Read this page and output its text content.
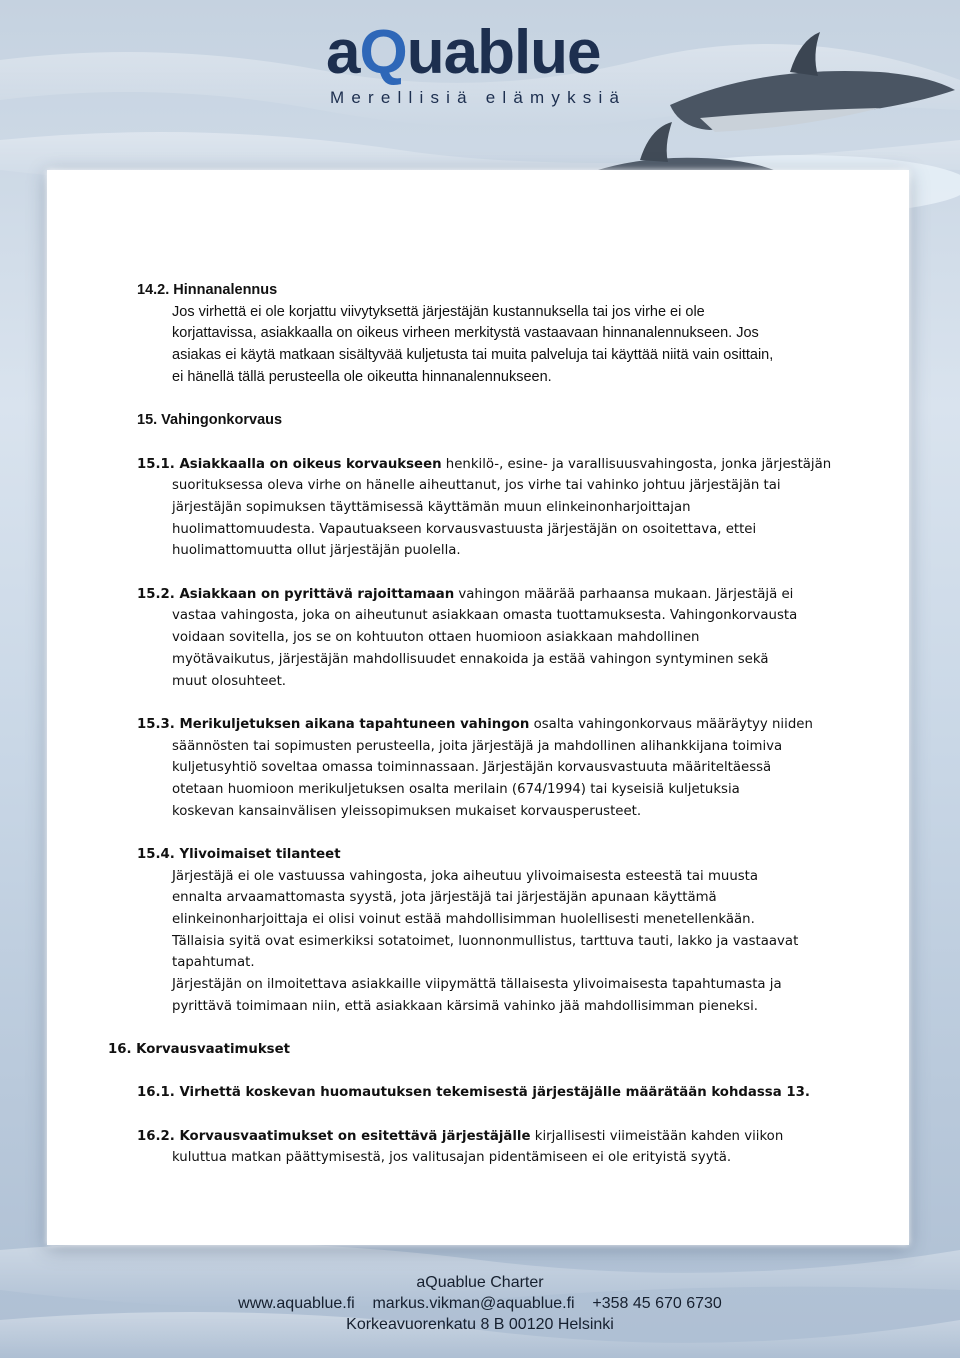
aQuablue
Merellisiä elämyksiä
14.2. Hinnanalennus
Jos virhettä ei ole korjattu viivytyksettä järjestäjän kustannuksella tai jos virhe ei ole
korjattavissa, asiakkaalla on oikeus virheen merkitystä vastaavaan hinnanalennukseen. Jos
asiakas ei käytä matkaan sisältyvää kuljetusta tai muita palveluja tai käyttää niitä vain osittain,
ei hänellä tällä perusteella ole oikeutta hinnanalennukseen.
15. Vahingonkorvaus
15.1. Asiakkaalla on oikeus korvaukseen henkilö-, esine- ja varallisuusvahingosta, jonka järjestäjän
suorituksessa oleva virhe on hänelle aiheuttanut, jos virhe tai vahinko johtuu järjestäjän tai
järjestäjän sopimuksen täyttämisessä käyttämän muun elinkeinonharjoittajan
huolimattomuudesta. Vapautuakseen korvausvastuusta järjestäjän on osoitettava, ettei
huolimattomuutta ollut järjestäjän puolella.
15.2. Asiakkaan on pyrittävä rajoittamaan vahingon määrää parhaansa mukaan. Järjestäjä ei
vastaa vahingosta, joka on aiheutunut asiakkaan omasta tuottamuksesta. Vahingonkorvausta
voidaan sovitella, jos se on kohtuuton ottaen huomioon asiakkaan mahdollinen
myötävaikutus, järjestäjän mahdollisuudet ennakoida ja estää vahingon syntyminen sekä
muut olosuhteet.
15.3. Merikuljetuksen aikana tapahtuneen vahingon osalta vahingonkorvaus määräytyy niiden
säännösten tai sopimusten perusteella, joita järjestäjä ja mahdollinen alihankkijana toimiva
kuljetusyhtiö soveltaa omassa toiminnassaan. Järjestäjän korvausvastuuta määriteltäessä
otetaan huomioon merikuljetuksen osalta merilain (674/1994) tai kyseisiä kuljetuksia
koskevan kansainvälisen yleissopimuksen mukaiset korvausperusteet.
15.4. Ylivoimaiset tilanteet
Järjestäjä ei ole vastuussa vahingosta, joka aiheutuu ylivoimaisesta esteestä tai muusta
ennalta arvaamattomasta syystä, jota järjestäjä tai järjestäjän apunaan käyttämä
elinkeinonharjoittaja ei olisi voinut estää mahdollisimman huolellisesti menetellenkään.
Tällaisia syitä ovat esimerkiksi sotatoimet, luonnonmullistus, tarttuva tauti, lakko ja vastaavat
tapahtumat.
Järjestäjän on ilmoitettava asiakkaille viipymättä tällaisesta ylivoimaisesta tapahtumasta ja
pyrittävä toimimaan niin, että asiakkaan kärsimä vahinko jää mahdollisimman pieneksi.
16. Korvausvaatimukset
16.1. Virhettä koskevan huomautuksen tekemisestä järjestäjälle määrätään kohdassa 13.
16.2. Korvausvaatimukset on esitettävä järjestäjälle kirjallisesti viimeistään kahden viikon
kuluttua matkan päättymisestä, jos valitusajan pidentämiseen ei ole erityistä syytä.
aQuablue Charter
www.aquablue.fi markus.vikman@aquablue.fi +358 45 670 6730
Korkeavuorenkatu 8 B 00120 Helsinki
